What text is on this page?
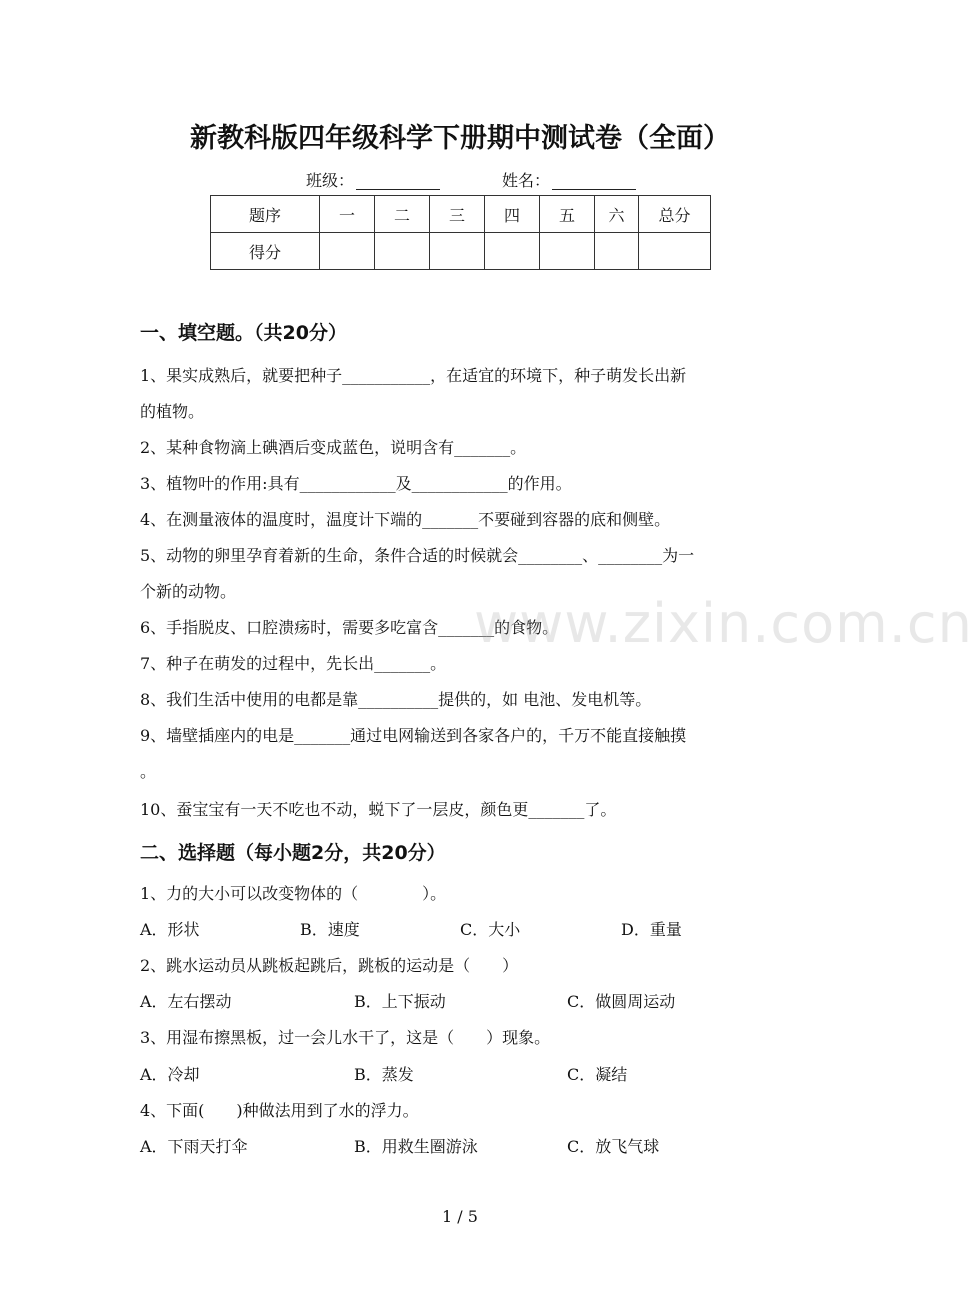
新教科版四年级科学下册期中测试卷（全面）
班级：	姓名：
题序	一	二	三	四	五	六	总分
得分							
一、填空题。（共20分）
1、果实成熟后，就要把种子___________，在适宜的环境下，种子萌发长出新
的植物。
2、某种食物滴上碘酒后变成蓝色，说明含有_______。
3、植物叶的作用:具有____________及____________的作用。
4、在测量液体的温度时，温度计下端的_______不要碰到容器的底和侧壁。
5、动物的卵里孕育着新的生命，条件合适的时候就会________、________为一
个新的动物。
6、手指脱皮、口腔溃疡时，需要多吃富含_______的食物。
7、种子在萌发的过程中，先长出_______。
8、我们生活中使用的电都是靠__________提供的，如 电池、发电机等。
9、墙壁插座内的电是_______通过电网输送到各家各户的，千万不能直接触摸
。
10、蚕宝宝有一天不吃也不动，蜕下了一层皮，颜色更_______了。
www.zixin.com.cn
二、选择题（每小题2分，共20分）
1、力的大小可以改变物体的（　　　　）。
A．形状	B．速度	C．大小	D．重量
2、跳水运动员从跳板起跳后，跳板的运动是（　　）
A．左右摆动	B．上下振动	C．做圆周运动
3、用湿布擦黑板，过一会儿水干了，这是（　　）现象。
A．冷却	B．蒸发	C．凝结
4、下面(　　)种做法用到了水的浮力。
A．下雨天打伞	B．用救生圈游泳	C．放飞气球
1 / 5
